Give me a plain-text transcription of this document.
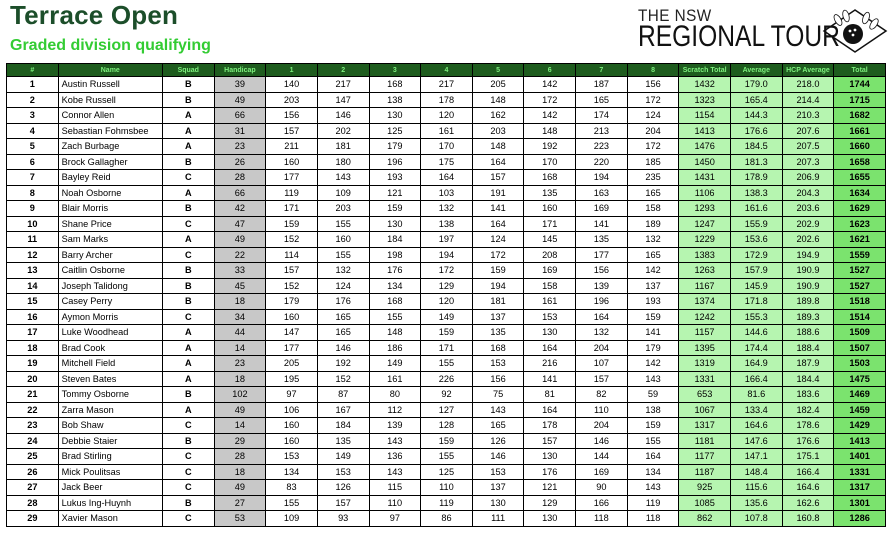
Terrace Open
Graded division qualifying
THE NSW
REGIONAL TOUR
#	Name	Squad	Handicap	1	2	3	4	5	6	7	8	Scratch Total	Average	HCP Average	Total
1	Austin Russell	B	39	140	217	168	217	205	142	187	156	1432	179.0	218.0	1744
2	Kobe Russell	B	49	203	147	138	178	148	172	165	172	1323	165.4	214.4	1715
3	Connor Allen	A	66	156	146	130	120	162	142	174	124	1154	144.3	210.3	1682
4	Sebastian Fohmsbee	A	31	157	202	125	161	203	148	213	204	1413	176.6	207.6	1661
5	Zach Burbage	A	23	211	181	179	170	148	192	223	172	1476	184.5	207.5	1660
6	Brock Gallagher	B	26	160	180	196	175	164	170	220	185	1450	181.3	207.3	1658
7	Bayley Reid	C	28	177	143	193	164	157	168	194	235	1431	178.9	206.9	1655
8	Noah Osborne	A	66	119	109	121	103	191	135	163	165	1106	138.3	204.3	1634
9	Blair Morris	B	42	171	203	159	132	141	160	169	158	1293	161.6	203.6	1629
10	Shane Price	C	47	159	155	130	138	164	171	141	189	1247	155.9	202.9	1623
11	Sam Marks	A	49	152	160	184	197	124	145	135	132	1229	153.6	202.6	1621
12	Barry Archer	C	22	114	155	198	194	172	208	177	165	1383	172.9	194.9	1559
13	Caitlin Osborne	B	33	157	132	176	172	159	169	156	142	1263	157.9	190.9	1527
14	Joseph Talidong	B	45	152	124	134	129	194	158	139	137	1167	145.9	190.9	1527
15	Casey Perry	B	18	179	176	168	120	181	161	196	193	1374	171.8	189.8	1518
16	Aymon Morris	C	34	160	165	155	149	137	153	164	159	1242	155.3	189.3	1514
17	Luke Woodhead	A	44	147	165	148	159	135	130	132	141	1157	144.6	188.6	1509
18	Brad Cook	A	14	177	146	186	171	168	164	204	179	1395	174.4	188.4	1507
19	Mitchell Field	A	23	205	192	149	155	153	216	107	142	1319	164.9	187.9	1503
20	Steven Bates	A	18	195	152	161	226	156	141	157	143	1331	166.4	184.4	1475
21	Tommy Osborne	B	102	97	87	80	92	75	81	82	59	653	81.6	183.6	1469
22	Zarra Mason	A	49	106	167	112	127	143	164	110	138	1067	133.4	182.4	1459
23	Bob Shaw	C	14	160	184	139	128	165	178	204	159	1317	164.6	178.6	1429
24	Debbie Staier	B	29	160	135	143	159	126	157	146	155	1181	147.6	176.6	1413
25	Brad Stirling	C	28	153	149	136	155	146	130	144	164	1177	147.1	175.1	1401
26	Mick Poulitsas	C	18	134	153	143	125	153	176	169	134	1187	148.4	166.4	1331
27	Jack Beer	C	49	83	126	115	110	137	121	90	143	925	115.6	164.6	1317
28	Lukus Ing-Huynh	B	27	155	157	110	119	130	129	166	119	1085	135.6	162.6	1301
29	Xavier Mason	C	53	109	93	97	86	111	130	118	118	862	107.8	160.8	1286
